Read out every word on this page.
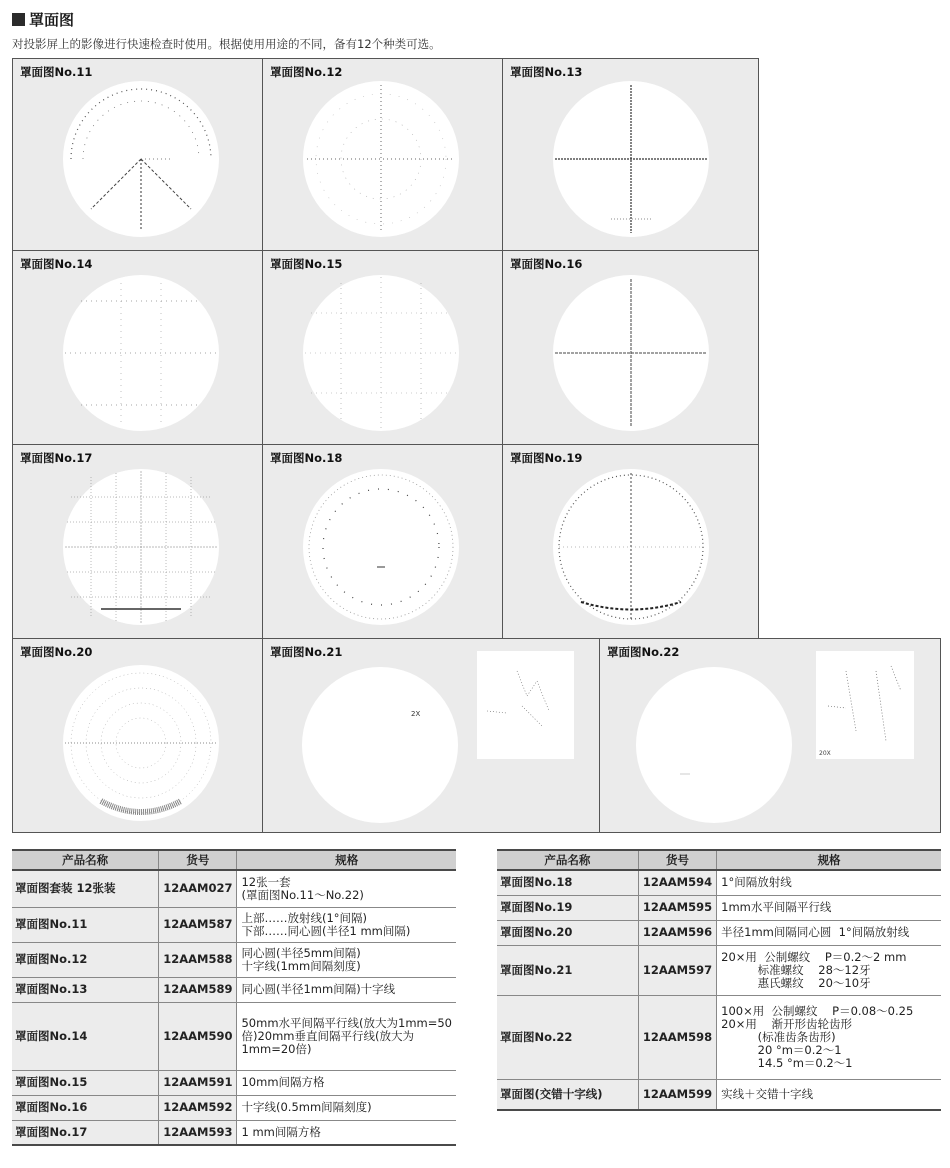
罩面图
对投影屏上的影像进行快速检查时使用。根据使用用途的不同，备有12个种类可选。
罩面图No.11	罩面图No.12	罩面图No.13
罩面图No.14	罩面图No.15	罩面图No.16
罩面图No.17	罩面图No.18	罩面图No.19
罩面图No.20	罩面图No.21
2X
罩面图No.22
20X
产品名称	货号	规格
罩面图套装 12张装	12AAM027	12张一套
(罩面图No.11～No.22)
罩面图No.11	12AAM587	上部……放射线(1°间隔)
下部……同心圆(半径1 mm间隔)
罩面图No.12	12AAM588	同心圆(半径5mm间隔)
十字线(1mm间隔刻度)
罩面图No.13	12AAM589	同心圆(半径1mm间隔)十字线
罩面图No.14	12AAM590	50mm水平间隔平行线(放大为1mm=50
倍)20mm垂直间隔平行线(放大为
1mm=20倍)
罩面图No.15	12AAM591	10mm间隔方格
罩面图No.16	12AAM592	十字线(0.5mm间隔刻度)
罩面图No.17	12AAM593	1 mm间隔方格
产品名称	货号	规格
罩面图No.18	12AAM594	1°间隔放射线
罩面图No.19	12AAM595	1mm水平间隔平行线
罩面图No.20	12AAM596	半径1mm间隔同心圆  1°间隔放射线
罩面图No.21	12AAM597	20×用  公制螺纹    P＝0.2～2 mm
标准螺纹    28～12牙
惠氏螺纹    20～10牙
罩面图No.22	12AAM598	100×用  公制螺纹    P＝0.08～0.25
20×用    渐开形齿轮齿形
(标准齿条齿形)
20 °m＝0.2～1
14.5 °m＝0.2～1
罩面图(交错十字线)	12AAM599	实线＋交错十字线
